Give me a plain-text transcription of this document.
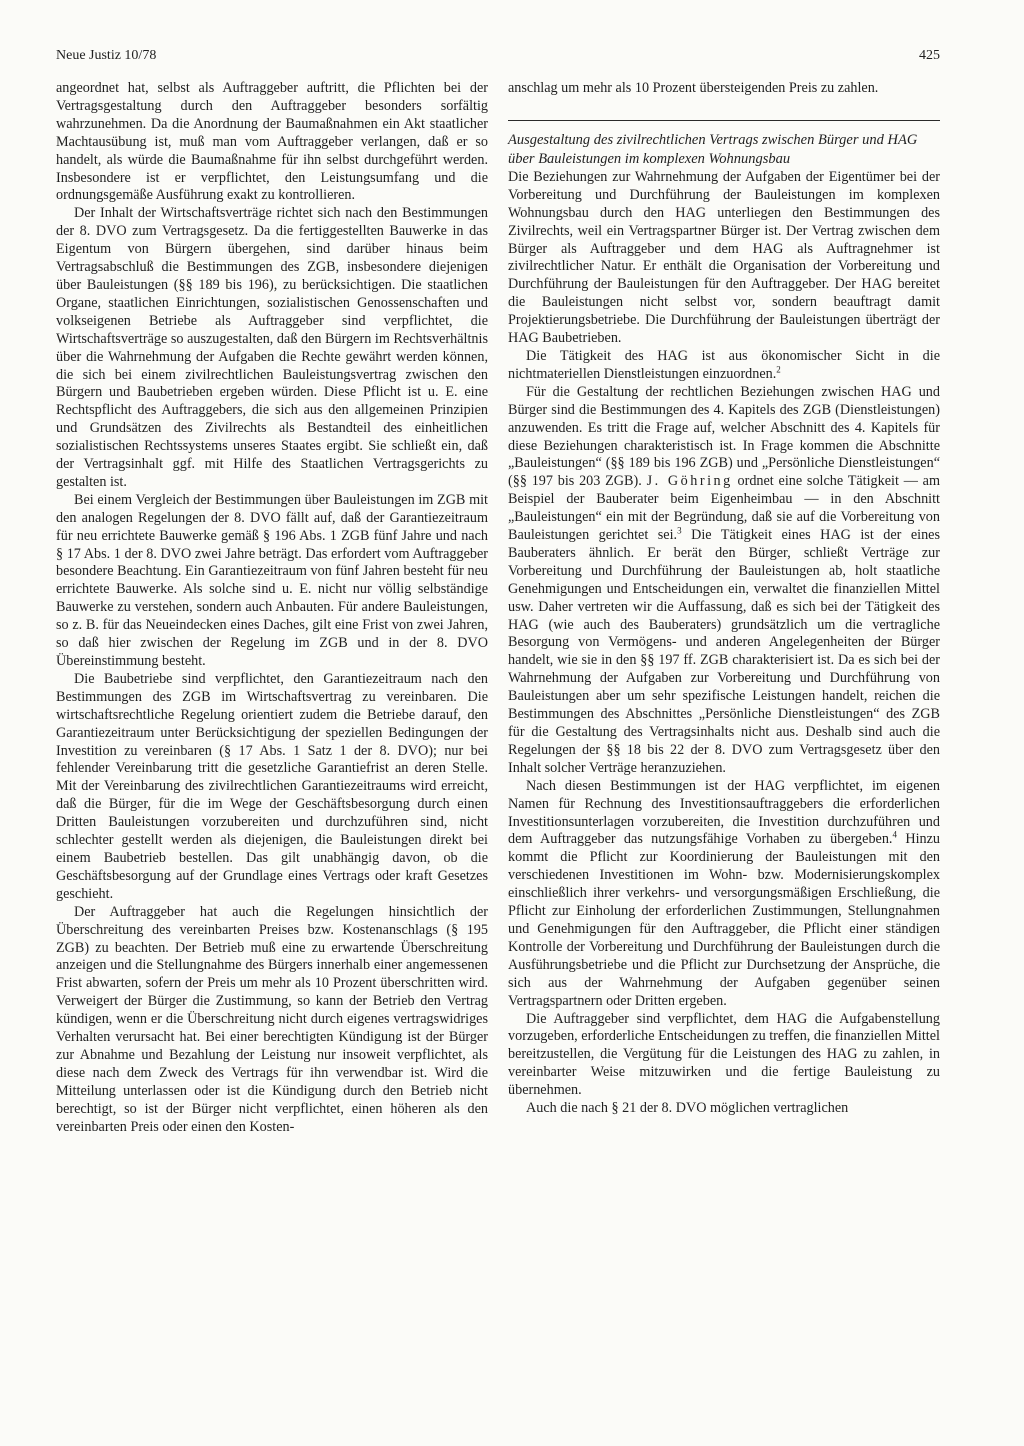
Neue Justiz 10/78	425

angeordnet hat, selbst als Auftraggeber auftritt, die Pflichten bei der Vertragsgestaltung durch den Auftraggeber besonders sorfältig wahrzunehmen. Da die Anordnung der Baumaßnahmen ein Akt staatlicher Machtausübung ist, muß man vom Auftraggeber verlangen, daß er so handelt, als würde die Baumaßnahme für ihn selbst durchgeführt werden. Insbesondere ist er verpflichtet, den Leistungsumfang und die ordnungsgemäße Ausführung exakt zu kontrollieren.

Der Inhalt der Wirtschaftsverträge richtet sich nach den Bestimmungen der 8. DVO zum Vertragsgesetz. Da die fertiggestellten Bauwerke in das Eigentum von Bürgern übergehen, sind darüber hinaus beim Vertragsabschluß die Bestimmungen des ZGB, insbesondere diejenigen über Bauleistungen (§§ 189 bis 196), zu berücksichtigen. Die staatlichen Organe, staatlichen Einrichtungen, sozialistischen Genossenschaften und volkseigenen Betriebe als Auftraggeber sind verpflichtet, die Wirtschaftsverträge so auszugestalten, daß den Bürgern im Rechtsverhältnis über die Wahrnehmung der Aufgaben die Rechte gewährt werden können, die sich bei einem zivilrechtlichen Bauleistungsvertrag zwischen den Bürgern und Baubetrieben ergeben würden. Diese Pflicht ist u. E. eine Rechtspflicht des Auftraggebers, die sich aus den allgemeinen Prinzipien und Grundsätzen des Zivilrechts als Bestandteil des einheitlichen sozialistischen Rechtssystems unseres Staates ergibt. Sie schließt ein, daß der Vertragsinhalt ggf. mit Hilfe des Staatlichen Vertragsgerichts zu gestalten ist.

Bei einem Vergleich der Bestimmungen über Bauleistungen im ZGB mit den analogen Regelungen der 8. DVO fällt auf, daß der Garantiezeitraum für neu errichtete Bauwerke gemäß § 196 Abs. 1 ZGB fünf Jahre und nach § 17 Abs. 1 der 8. DVO zwei Jahre beträgt. Das erfordert vom Auftraggeber besondere Beachtung. Ein Garantiezeitraum von fünf Jahren besteht für neu errichtete Bauwerke. Als solche sind u. E. nicht nur völlig selbständige Bauwerke zu verstehen, sondern auch Anbauten. Für andere Bauleistungen, so z. B. für das Neueindecken eines Daches, gilt eine Frist von zwei Jahren, so daß hier zwischen der Regelung im ZGB und in der 8. DVO Übereinstimmung besteht.

Die Baubetriebe sind verpflichtet, den Garantiezeitraum nach den Bestimmungen des ZGB im Wirtschaftsvertrag zu vereinbaren. Die wirtschaftsrechtliche Regelung orientiert zudem die Betriebe darauf, den Garantiezeitraum unter Berücksichtigung der speziellen Bedingungen der Investition zu vereinbaren (§ 17 Abs. 1 Satz 1 der 8. DVO); nur bei fehlender Vereinbarung tritt die gesetzliche Garantiefrist an deren Stelle. Mit der Vereinbarung des zivilrechtlichen Garantiezeitraums wird erreicht, daß die Bürger, für die im Wege der Geschäftsbesorgung durch einen Dritten Bauleistungen vorzubereiten und durchzuführen sind, nicht schlechter gestellt werden als diejenigen, die Bauleistungen direkt bei einem Baubetrieb bestellen. Das gilt unabhängig davon, ob die Geschäftsbesorgung auf der Grundlage eines Vertrags oder kraft Gesetzes geschieht.

Der Auftraggeber hat auch die Regelungen hinsichtlich der Überschreitung des vereinbarten Preises bzw. Kostenanschlags (§ 195 ZGB) zu beachten. Der Betrieb muß eine zu erwartende Überschreitung anzeigen und die Stellungnahme des Bürgers innerhalb einer angemessenen Frist abwarten, sofern der Preis um mehr als 10 Prozent überschritten wird. Verweigert der Bürger die Zustimmung, so kann der Betrieb den Vertrag kündigen, wenn er die Überschreitung nicht durch eigenes vertragswidriges Verhalten verursacht hat. Bei einer berechtigten Kündigung ist der Bürger zur Abnahme und Bezahlung der Leistung nur insoweit verpflichtet, als diese nach dem Zweck des Vertrags für ihn verwendbar ist. Wird die Mitteilung unterlassen oder ist die Kündigung durch den Betrieb nicht berechtigt, so ist der Bürger nicht verpflichtet, einen höheren als den vereinbarten Preis oder einen den Kosten-

anschlag um mehr als 10 Prozent übersteigenden Preis zu zahlen.

Ausgestaltung des zivilrechtlichen Vertrags zwischen Bürger und HAG über Bauleistungen im komplexen Wohnungsbau

Die Beziehungen zur Wahrnehmung der Aufgaben der Eigentümer bei der Vorbereitung und Durchführung der Bauleistungen im komplexen Wohnungsbau durch den HAG unterliegen den Bestimmungen des Zivilrechts, weil ein Vertragspartner Bürger ist. Der Vertrag zwischen dem Bürger als Auftraggeber und dem HAG als Auftragnehmer ist zivilrechtlicher Natur. Er enthält die Organisation der Vorbereitung und Durchführung der Bauleistungen für den Auftraggeber. Der HAG bereitet die Bauleistungen nicht selbst vor, sondern beauftragt damit Projektierungsbetriebe. Die Durchführung der Bauleistungen überträgt der HAG Baubetrieben.

Die Tätigkeit des HAG ist aus ökonomischer Sicht in die nichtmateriellen Dienstleistungen einzuordnen.$^2$

Für die Gestaltung der rechtlichen Beziehungen zwischen HAG und Bürger sind die Bestimmungen des 4. Kapitels des ZGB (Dienstleistungen) anzuwenden. Es tritt die Frage auf, welcher Abschnitt des 4. Kapitels für diese Beziehungen charakteristisch ist. In Frage kommen die Abschnitte „Bauleistungen“ (§§ 189 bis 196 ZGB) und „Persönliche Dienstleistungen“ (§§ 197 bis 203 ZGB). J. Göhring ordnet eine solche Tätigkeit — am Beispiel der Bauberater beim Eigenheimbau — in den Abschnitt „Bauleistungen“ ein mit der Begründung, daß sie auf die Vorbereitung von Bauleistungen gerichtet sei.$^3$ Die Tätigkeit eines HAG ist der eines Bauberaters ähnlich. Er berät den Bürger, schließt Verträge zur Vorbereitung und Durchführung der Bauleistungen ab, holt staatliche Genehmigungen und Entscheidungen ein, verwaltet die finanziellen Mittel usw. Daher vertreten wir die Auffassung, daß es sich bei der Tätigkeit des HAG (wie auch des Bauberaters) grundsätzlich um die vertragliche Besorgung von Vermögens- und anderen Angelegenheiten der Bürger handelt, wie sie in den §§ 197 ff. ZGB charakterisiert ist. Da es sich bei der Wahrnehmung der Aufgaben zur Vorbereitung und Durchführung von Bauleistungen aber um sehr spezifische Leistungen handelt, reichen die Bestimmungen des Abschnittes „Persönliche Dienstleistungen“ des ZGB für die Gestaltung des Vertragsinhalts nicht aus. Deshalb sind auch die Regelungen der §§ 18 bis 22 der 8. DVO zum Vertragsgesetz über den Inhalt solcher Verträge heranzuziehen.

Nach diesen Bestimmungen ist der HAG verpflichtet, im eigenen Namen für Rechnung des Investitionsauftraggebers die erforderlichen Investitionsunterlagen vorzubereiten, die Investition durchzuführen und dem Auftraggeber das nutzungsfähige Vorhaben zu übergeben.$^4$ Hinzu kommt die Pflicht zur Koordinierung der Bauleistungen mit den verschiedenen Investitionen im Wohn- bzw. Modernisierungskomplex einschließlich ihrer verkehrs- und versorgungsmäßigen Erschließung, die Pflicht zur Einholung der erforderlichen Zustimmungen, Stellungnahmen und Genehmigungen für den Auftraggeber, die Pflicht einer ständigen Kontrolle der Vorbereitung und Durchführung der Bauleistungen durch die Ausführungsbetriebe und die Pflicht zur Durchsetzung der Ansprüche, die sich aus der Wahrnehmung der Aufgaben gegenüber seinen Vertragspartnern oder Dritten ergeben.

Die Auftraggeber sind verpflichtet, dem HAG die Aufgabenstellung vorzugeben, erforderliche Entscheidungen zu treffen, die finanziellen Mittel bereitzustellen, die Vergütung für die Leistungen des HAG zu zahlen, in vereinbarter Weise mitzuwirken und die fertige Bauleistung zu übernehmen.

Auch die nach § 21 der 8. DVO möglichen vertraglichen
